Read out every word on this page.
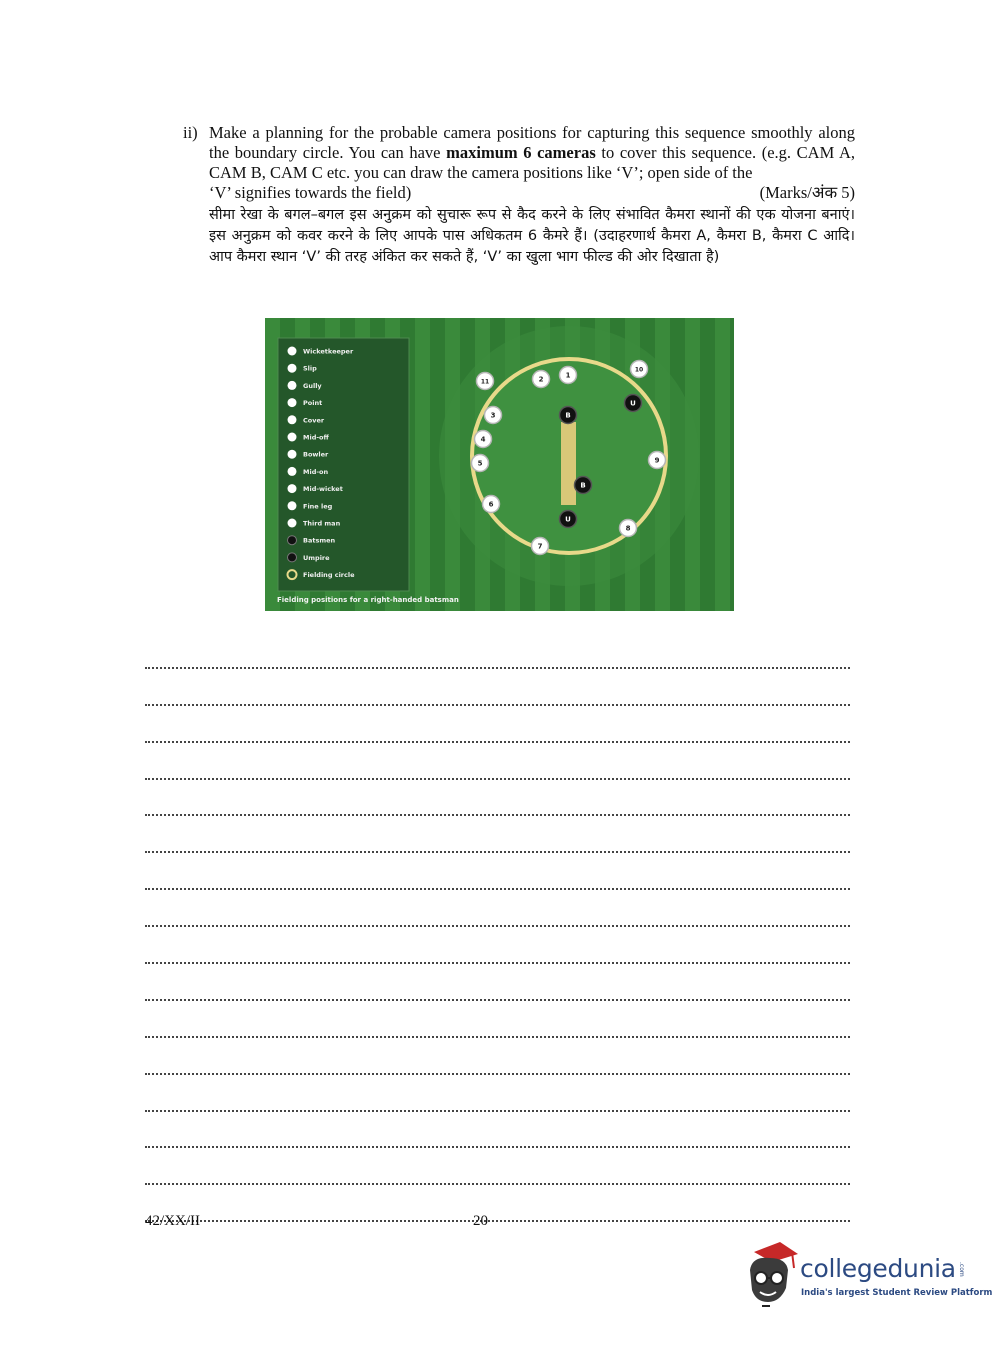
ii) Make a planning for the probable camera positions for capturing this sequence smoothly along the boundary circle. You can have maximum 6 cameras to cover this sequence. (e.g. CAM A, CAM B, CAM C etc. you can draw the camera positions like ‘V’; open side of the

‘V’ signifies towards the field)	(Marks/अंक 5)

सीमा रेखा के बगल–बगल इस अनुक्रम को सुचारू रूप से कैद करने के लिए संभावित कैमरा स्थानों की एक योजना बनाएं। इस अनुक्रम को कवर करने के लिए आपके पास अधिकतम 6 कैमरे हैं। (उदाहरणार्थ कैमरा A, कैमरा B, कैमरा C आदि। आप कैमरा स्थान ‘V’ की तरह अंकित कर सकते हैं, ‘V’ का खुला भाग फील्ड की ओर दिखाता है)

Wicketkeeper
Slip
Gully
Point
Cover
Mid-off
Bowler
Mid-on
Mid-wicket
Fine leg
Third man
Batsmen
Umpire
Fielding circle
Fielding positions for a right-handed batsman
1
2
11
10
3
4
5
6
7
8
9
B
B
U
U
42/XX/II	20
collegedunia .com
India's largest Student Review Platform
